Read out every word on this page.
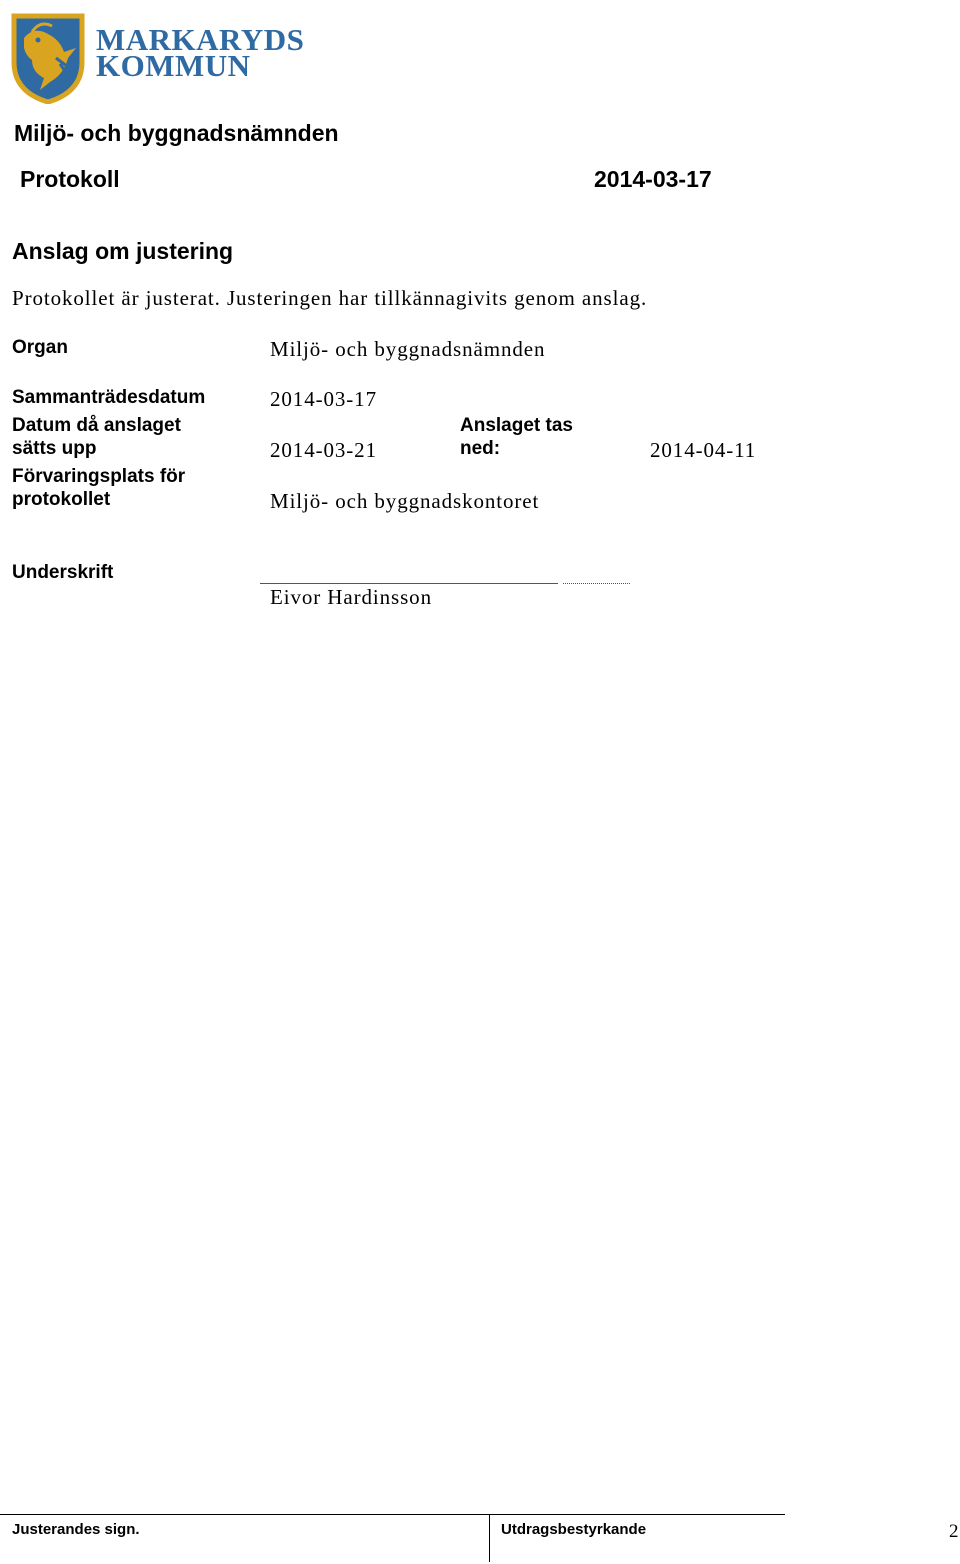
MARKARYDS
KOMMUN
Miljö- och byggnadsnämnden
Protokoll	2014-03-17
Anslag om justering
Protokollet är justerat. Justeringen har tillkännagivits genom anslag.
Organ	Miljö- och byggnadsnämnden
Sammanträdesdatum	2014-03-17
Datum då anslaget
sätts upp	2014-03-21
Anslaget tas
ned:	2014-04-11
Förvaringsplats för
protokollet	Miljö- och byggnadskontoret
Underskrift
Eivor Hardinsson
Justerandes sign.	Utdragsbestyrkande	2
